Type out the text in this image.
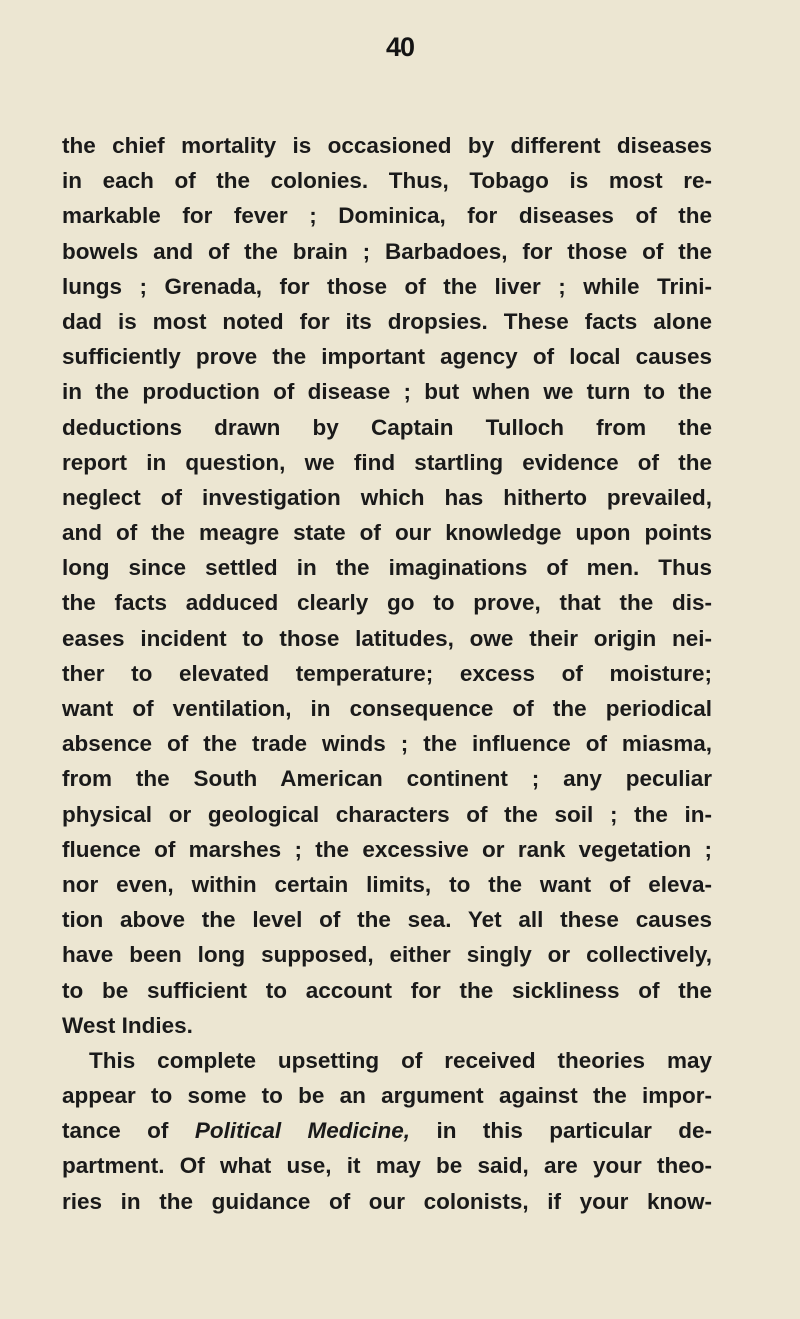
40
the chief mortality is occasioned by different diseases
in each of the colonies. Thus, Tobago is most re-
markable for fever ; Dominica, for diseases of the
bowels and of the brain ; Barbadoes, for those of the
lungs ; Grenada, for those of the liver ; while Trini-
dad is most noted for its dropsies. These facts alone
sufficiently prove the important agency of local causes
in the production of disease ; but when we turn to the
deductions drawn by Captain Tulloch from the
report in question, we find startling evidence of the
neglect of investigation which has hitherto prevailed,
and of the meagre state of our knowledge upon points
long since settled in the imaginations of men. Thus
the facts adduced clearly go to prove, that the dis-
eases incident to those latitudes, owe their origin nei-
ther to elevated temperature; excess of moisture;
want of ventilation, in consequence of the periodical
absence of the trade winds ; the influence of miasma,
from the South American continent ; any peculiar
physical or geological characters of the soil ; the in-
fluence of marshes ; the excessive or rank vegetation ;
nor even, within certain limits, to the want of eleva-
tion above the level of the sea. Yet all these causes
have been long supposed, either singly or collectively,
to be sufficient to account for the sickliness of the
West Indies.
This complete upsetting of received theories may
appear to some to be an argument against the impor-
tance of Political Medicine, in this particular de-
partment. Of what use, it may be said, are your theo-
ries in the guidance of our colonists, if your know-
